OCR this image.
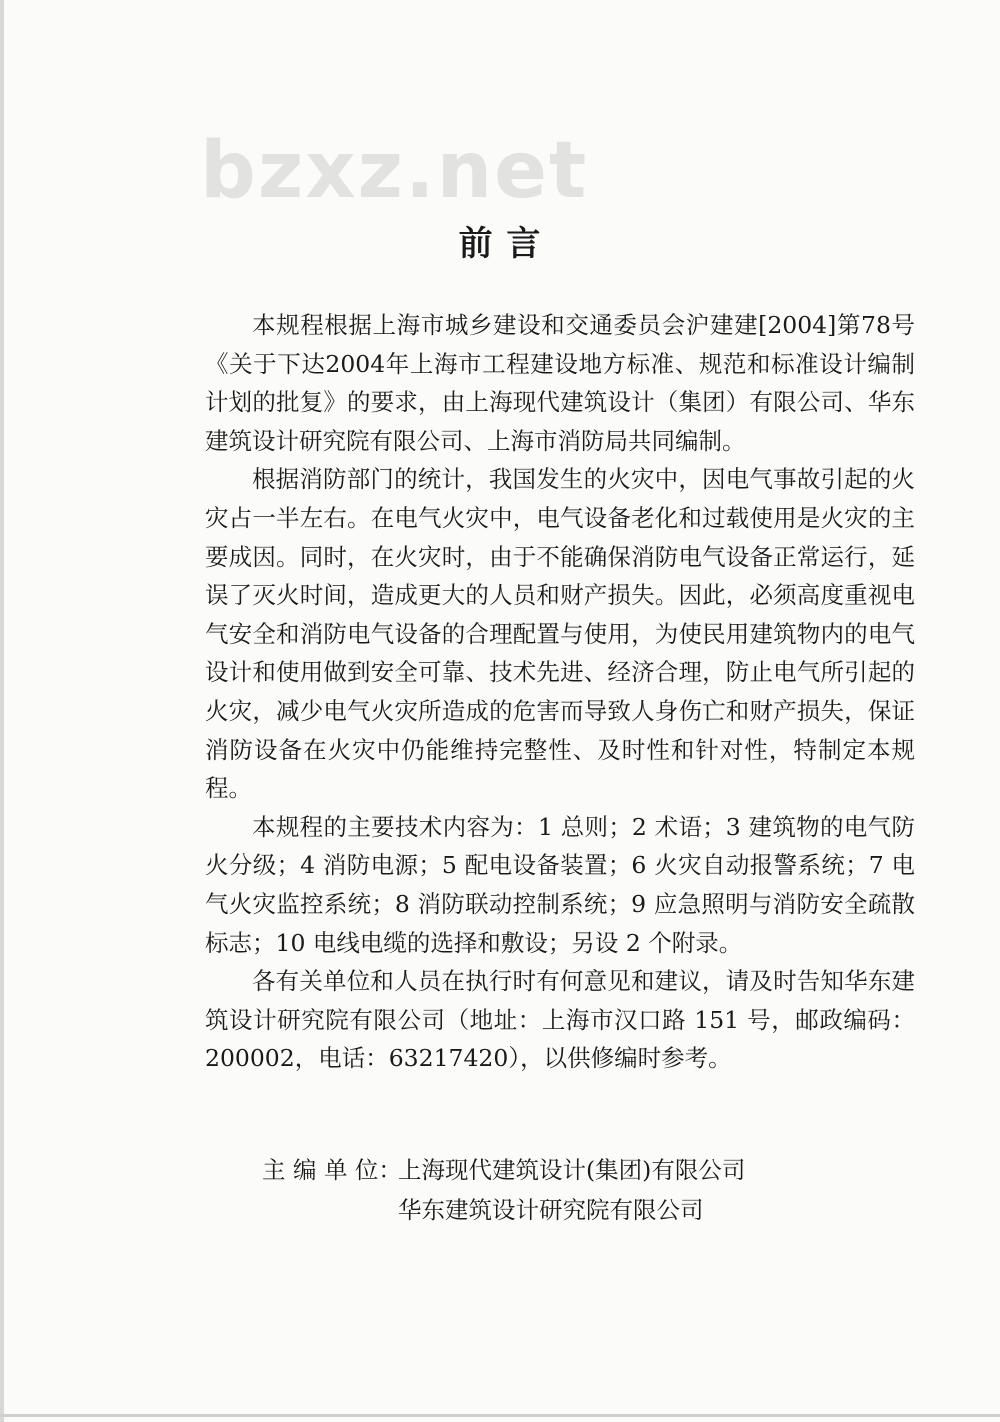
bzxz.net
前 言

本规程根据上海市城乡建设和交通委员会沪建建[2004]第78号《关于下达2004年上海市工程建设地方标准、规范和标准设计编制计划的批复》的要求，由上海现代建筑设计（集团）有限公司、华东建筑设计研究院有限公司、上海市消防局共同编制。

根据消防部门的统计，我国发生的火灾中，因电气事故引起的火灾占一半左右。在电气火灾中，电气设备老化和过载使用是火灾的主要成因。同时，在火灾时，由于不能确保消防电气设备正常运行，延误了灭火时间，造成更大的人员和财产损失。因此，必须高度重视电气安全和消防电气设备的合理配置与使用，为使民用建筑物内的电气设计和使用做到安全可靠、技术先进、经济合理，防止电气所引起的火灾，减少电气火灾所造成的危害而导致人身伤亡和财产损失，保证消防设备在火灾中仍能维持完整性、及时性和针对性，特制定本规程。

本规程的主要技术内容为：1 总则；2 术语；3 建筑物的电气防火分级；4 消防电源；5 配电设备装置；6 火灾自动报警系统；7 电气火灾监控系统；8 消防联动控制系统；9 应急照明与消防安全疏散标志；10 电线电缆的选择和敷设；另设 2 个附录。

各有关单位和人员在执行时有何意见和建议，请及时告知华东建筑设计研究院有限公司（地址：上海市汉口路 151 号，邮政编码：200002，电话：63217420），以供修编时参考。

主 编 单 位：
上海现代建筑设计(集团)有限公司
华东建筑设计研究院有限公司
